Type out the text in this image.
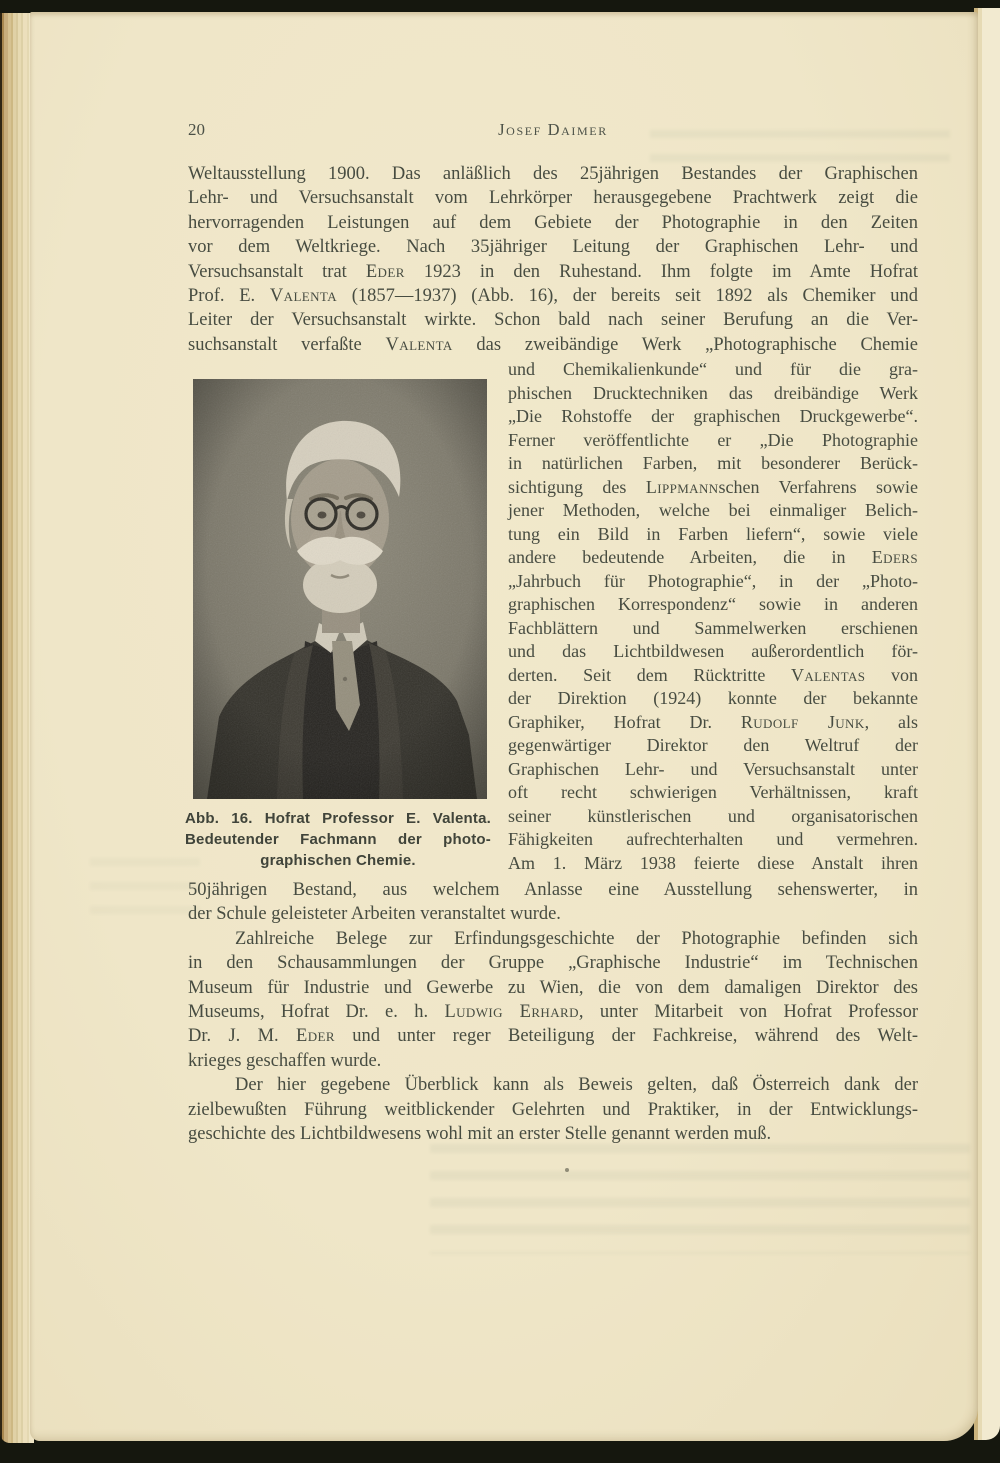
20	Josef Daimer
Weltausstellung 1900. Das anläßlich des 25jährigen Bestandes der Graphischen
Lehr- und Versuchsanstalt vom Lehrkörper herausgegebene Prachtwerk zeigt die
hervorragenden Leistungen auf dem Gebiete der Photographie in den Zeiten
vor dem Weltkriege. Nach 35jähriger Leitung der Graphischen Lehr- und
Versuchsanstalt trat Eder 1923 in den Ruhestand. Ihm folgte im Amte Hofrat
Prof. E. Valenta (1857—1937) (Abb. 16), der bereits seit 1892 als Chemiker und
Leiter der Versuchsanstalt wirkte. Schon bald nach seiner Berufung an die Ver-
suchsanstalt verfaßte Valenta das zweibändige Werk „Photographische Chemie
Abb. 16. Hofrat Professor E. Valenta.
Bedeutender Fachmann der photo-
graphischen Chemie.
und Chemikalienkunde“ und für die gra-
phischen Drucktechniken das dreibändige Werk
„Die Rohstoffe der graphischen Druckgewerbe“.
Ferner veröffentlichte er „Die Photographie
in natürlichen Farben, mit besonderer Berück-
sichtigung des Lippmannschen Verfahrens sowie
jener Methoden, welche bei einmaliger Belich-
tung ein Bild in Farben liefern“, sowie viele
andere bedeutende Arbeiten, die in Eders
„Jahrbuch für Photographie“, in der „Photo-
graphischen Korrespondenz“ sowie in anderen
Fachblättern und Sammelwerken erschienen
und das Lichtbildwesen außerordentlich för-
derten. Seit dem Rücktritte Valentas von
der Direktion (1924) konnte der bekannte
Graphiker, Hofrat Dr. Rudolf Junk, als
gegenwärtiger Direktor den Weltruf der
Graphischen Lehr- und Versuchsanstalt unter
oft recht schwierigen Verhältnissen, kraft
seiner künstlerischen und organisatorischen
Fähigkeiten aufrechterhalten und vermehren.
Am 1. März 1938 feierte diese Anstalt ihren
50jährigen Bestand, aus welchem Anlasse eine Ausstellung sehenswerter, in
der Schule geleisteter Arbeiten veranstaltet wurde.
Zahlreiche Belege zur Erfindungsgeschichte der Photographie befinden sich
in den Schausammlungen der Gruppe „Graphische Industrie“ im Technischen
Museum für Industrie und Gewerbe zu Wien, die von dem damaligen Direktor des
Museums, Hofrat Dr. e. h. Ludwig Erhard, unter Mitarbeit von Hofrat Professor
Dr. J. M. Eder und unter reger Beteiligung der Fachkreise, während des Welt-
krieges geschaffen wurde.
Der hier gegebene Überblick kann als Beweis gelten, daß Österreich dank der
zielbewußten Führung weitblickender Gelehrten und Praktiker, in der Entwicklungs-
geschichte des Lichtbildwesens wohl mit an erster Stelle genannt werden muß.
